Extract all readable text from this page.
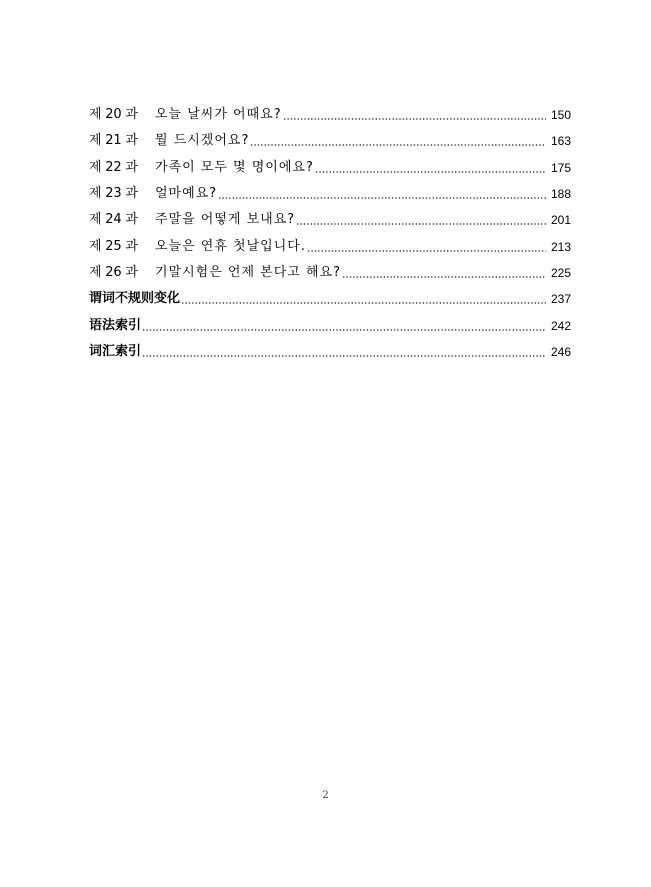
제 20 과	오늘 날씨가 어때요?	150
제 21 과	뭘 드시겠어요?	163
제 22 과	가족이 모두 몇 명이에요?	175
제 23 과	얼마예요?	188
제 24 과	주말을 어떻게 보내요?	201
제 25 과	오늘은 연휴 첫날입니다.	213
제 26 과	기말시험은 언제 본다고 해요?	225
谓词不规则变化	237
语法索引	242
词汇索引	246
2
